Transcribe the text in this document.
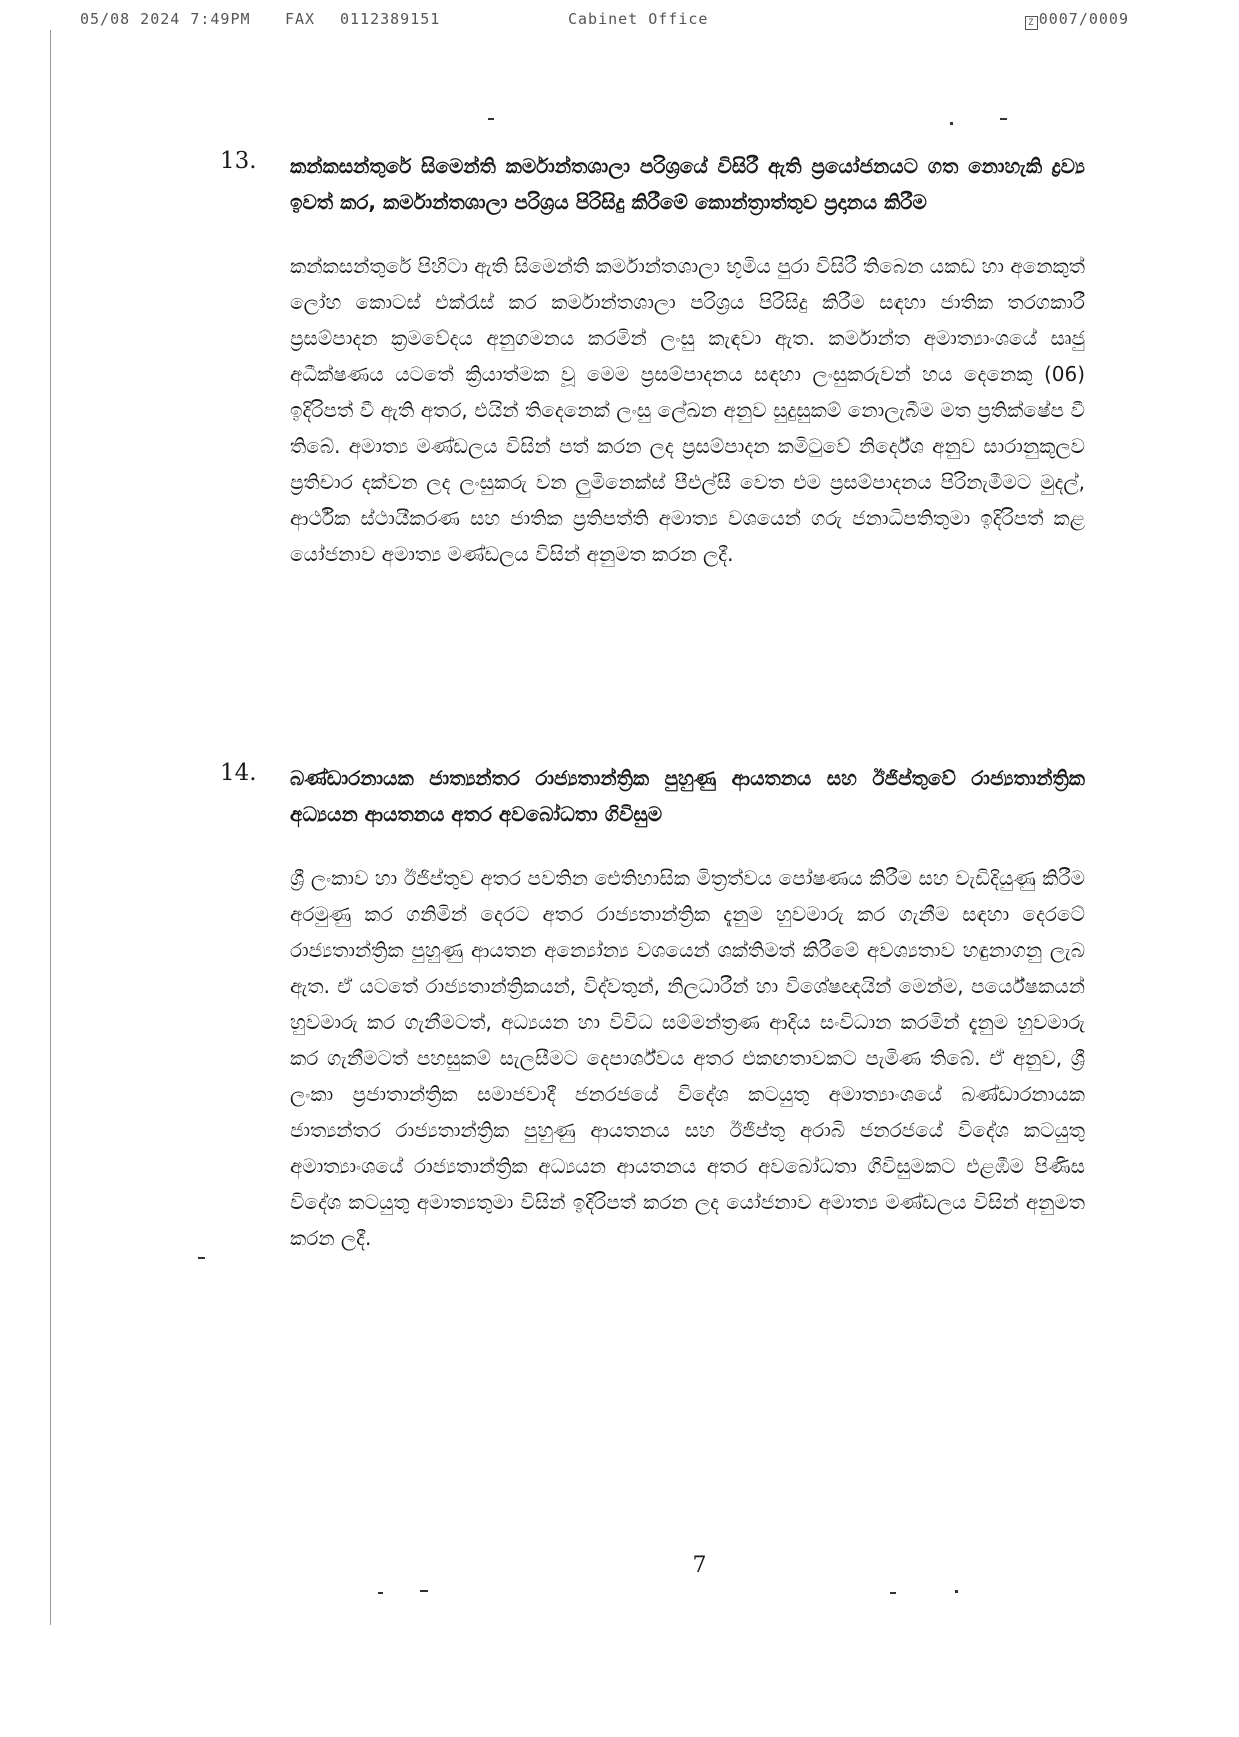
05/08 2024 7:49PM FAX 0112389151	Cabinet Office	Z 0007/0009
13. කන්කසන්තුරේ සිමෙන්ති කර්මාන්තශාලා පරිශ්‍රයේ විසිරී ඇති ප්‍රයෝජනයට ගත නොහැකි ද්‍රව්‍ය ඉවත් කර, කර්මාන්තශාලා පරිශ්‍රය පිරිසිදු කිරීමේ කොන්ත්‍රාත්තුව ප්‍රදානය කිරීම
කන්කසන්තුරේ පිහිටා ඇති සිමෙන්ති කර්මාන්තශාලා භූමිය පුරා විසිරී තිබෙන යකඩ හා අනෙකුත් ලෝහ කොටස් එක්රැස් කර කර්මාන්තශාලා පරිශ්‍රය පිරිසිදු කිරීම සඳහා ජාතික තරගකාරී ප්‍රසම්පාදන ක්‍රමවේදය අනුගමනය කරමින් ලංසු කැඳවා ඇත. කර්මාන්ත අමාත්‍යාංශයේ සෘජු අධීක්ෂණය යටතේ ක්‍රියාත්මක වූ මෙම ප්‍රසම්පාදනය සඳහා ලංසුකරුවන් හය දෙනෙකු (06) ඉදිරිපත් වී ඇති අතර, එයින් තිදෙනෙක් ලංසු ලේඛන අනුව සුදුසුකම් නොලැබීම මත ප්‍රතික්ෂේප වී තිබේ. අමාත්‍ය මණ්ඩලය විසින් පත් කරන ලද ප්‍රසම්පාදන කමිටුවේ නිර්දේශ අනුව සාරානුකූලව ප්‍රතිචාර දක්වන ලද ලංසුකරු වන ලුමිනෙක්ස් පීඑල්සී වෙත එම ප්‍රසම්පාදනය පිරිනැමීමට මුදල්, ආර්ථික ස්ථායීකරණ සහ ජාතික ප්‍රතිපත්ති අමාත්‍ය වශයෙන් ගරු ජනාධිපතිතුමා ඉදිරිපත් කළ යෝජනාව අමාත්‍ය මණ්ඩලය විසින් අනුමත කරන ලදී.
14. බණ්ඩාරනායක ජාත්‍යන්තර රාජ්‍යතාන්ත්‍රික පුහුණු ආයතනය සහ ඊජිප්තුවේ රාජ්‍යතාන්ත්‍රික අධ්‍යයන ආයතනය අතර අවබෝධතා ගිවිසුම
ශ්‍රී ලංකාව හා ඊජිප්තුව අතර පවතින ඓතිහාසික මිත්‍රත්වය පෝෂණය කිරීම සහ වැඩිදියුණු කිරීම අරමුණු කර ගනිමින් දෙරට අතර රාජ්‍යතාන්ත්‍රික දැනුම හුවමාරු කර ගැනීම සඳහා දෙරටේ රාජ්‍යතාන්ත්‍රික පුහුණු ආයතන අන්‍යෝන්‍ය වශයෙන් ශක්තිමත් කිරීමේ අවශ්‍යතාව හඳුනාගනු ලැබ ඇත. ඒ යටතේ රාජ්‍යතාන්ත්‍රිකයන්, විද්වතුන්, නිලධාරීන් හා විශේෂඥයින් මෙන්ම, පර්යේෂකයන් හුවමාරු කර ගැනීමටත්, අධ්‍යයන හා විවිධ සම්මන්ත්‍රණ ආදිය සංවිධාන කරමින් දැනුම හුවමාරු කර ගැනීමටත් පහසුකම් සැලසීමට දෙපාර්ශ්වය අතර එකඟතාවකට පැමිණ තිබේ. ඒ අනුව, ශ්‍රී ලංකා ප්‍රජාතාන්ත්‍රික සමාජවාදී ජනරජයේ විදේශ කටයුතු අමාත්‍යාංශයේ බණ්ඩාරනායක ජාත්‍යන්තර රාජ්‍යතාන්ත්‍රික පුහුණු ආයතනය සහ ඊජිප්තු අරාබි ජනරජයේ විදේශ කටයුතු අමාත්‍යාංශයේ රාජ්‍යතාන්ත්‍රික අධ්‍යයන ආයතනය අතර අවබෝධතා ගිවිසුමකට එළඹීම පිණිස විදේශ කටයුතු අමාත්‍යතුමා විසින් ඉදිරිපත් කරන ලද යෝජනාව අමාත්‍ය මණ්ඩලය විසින් අනුමත කරන ලදී.
7
